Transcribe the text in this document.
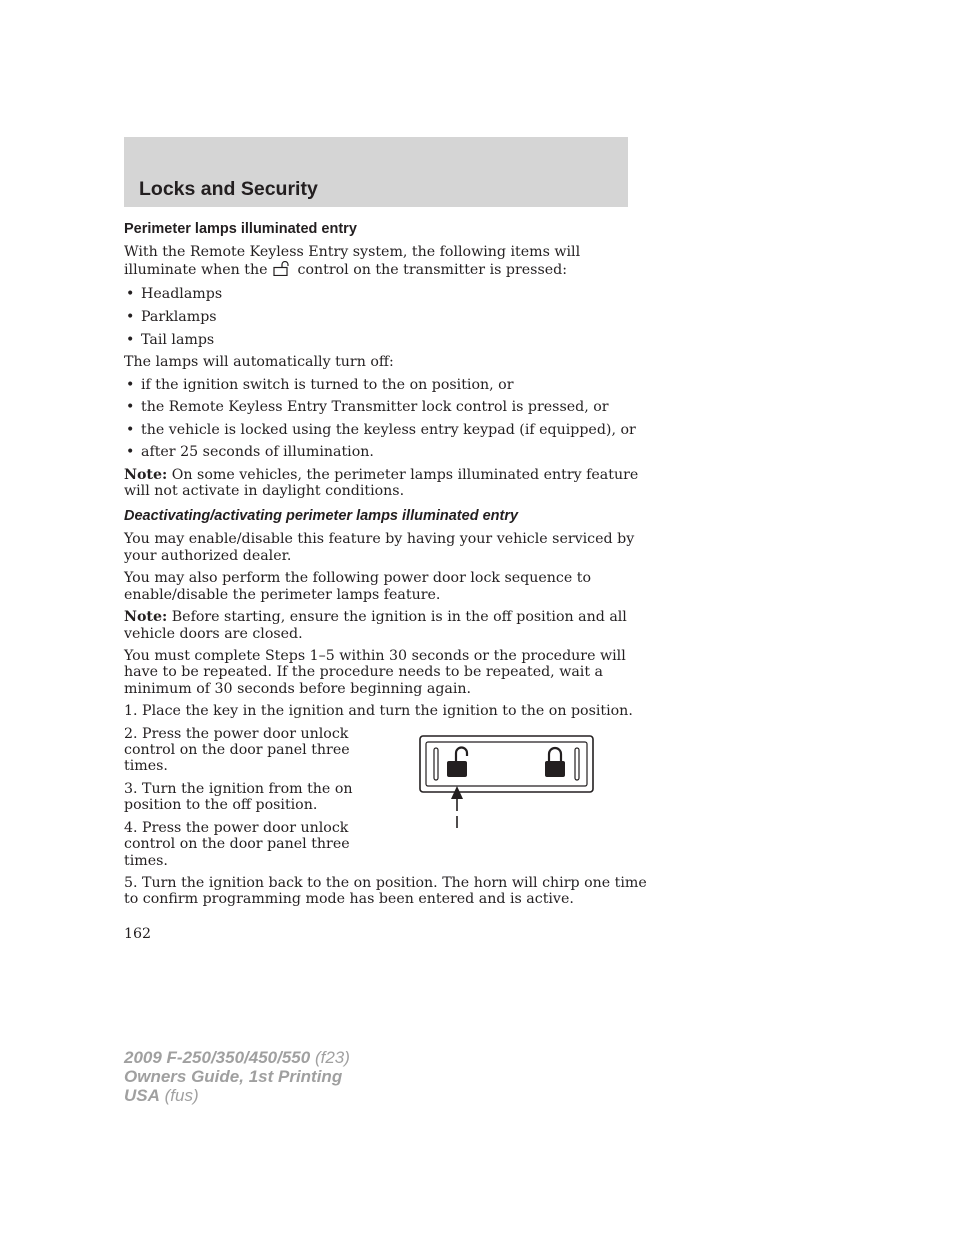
Locks and Security
Perimeter lamps illuminated entry
With the Remote Keyless Entry system, the following items will
illuminate when the control on the transmitter is pressed:
• Headlamps
• Parklamps
• Tail lamps
The lamps will automatically turn off:
• if the ignition switch is turned to the on position, or
• the Remote Keyless Entry Transmitter lock control is pressed, or
• the vehicle is locked using the keyless entry keypad (if equipped), or
• after 25 seconds of illumination.
Note: On some vehicles, the perimeter lamps illuminated entry feature
will not activate in daylight conditions.
Deactivating/activating perimeter lamps illuminated entry
You may enable/disable this feature by having your vehicle serviced by
your authorized dealer.
You may also perform the following power door lock sequence to
enable/disable the perimeter lamps feature.
Note: Before starting, ensure the ignition is in the off position and all
vehicle doors are closed.
You must complete Steps 1–5 within 30 seconds or the procedure will
have to be repeated. If the procedure needs to be repeated, wait a
minimum of 30 seconds before beginning again.
1. Place the key in the ignition and turn the ignition to the on position.
2. Press the power door unlock
control on the door panel three
times.
3. Turn the ignition from the on
position to the off position.
4. Press the power door unlock
control on the door panel three
times.
5. Turn the ignition back to the on position. The horn will chirp one time
to confirm programming mode has been entered and is active.
162
2009 F-250/350/450/550 (f23)
Owners Guide, 1st Printing
USA (fus)
